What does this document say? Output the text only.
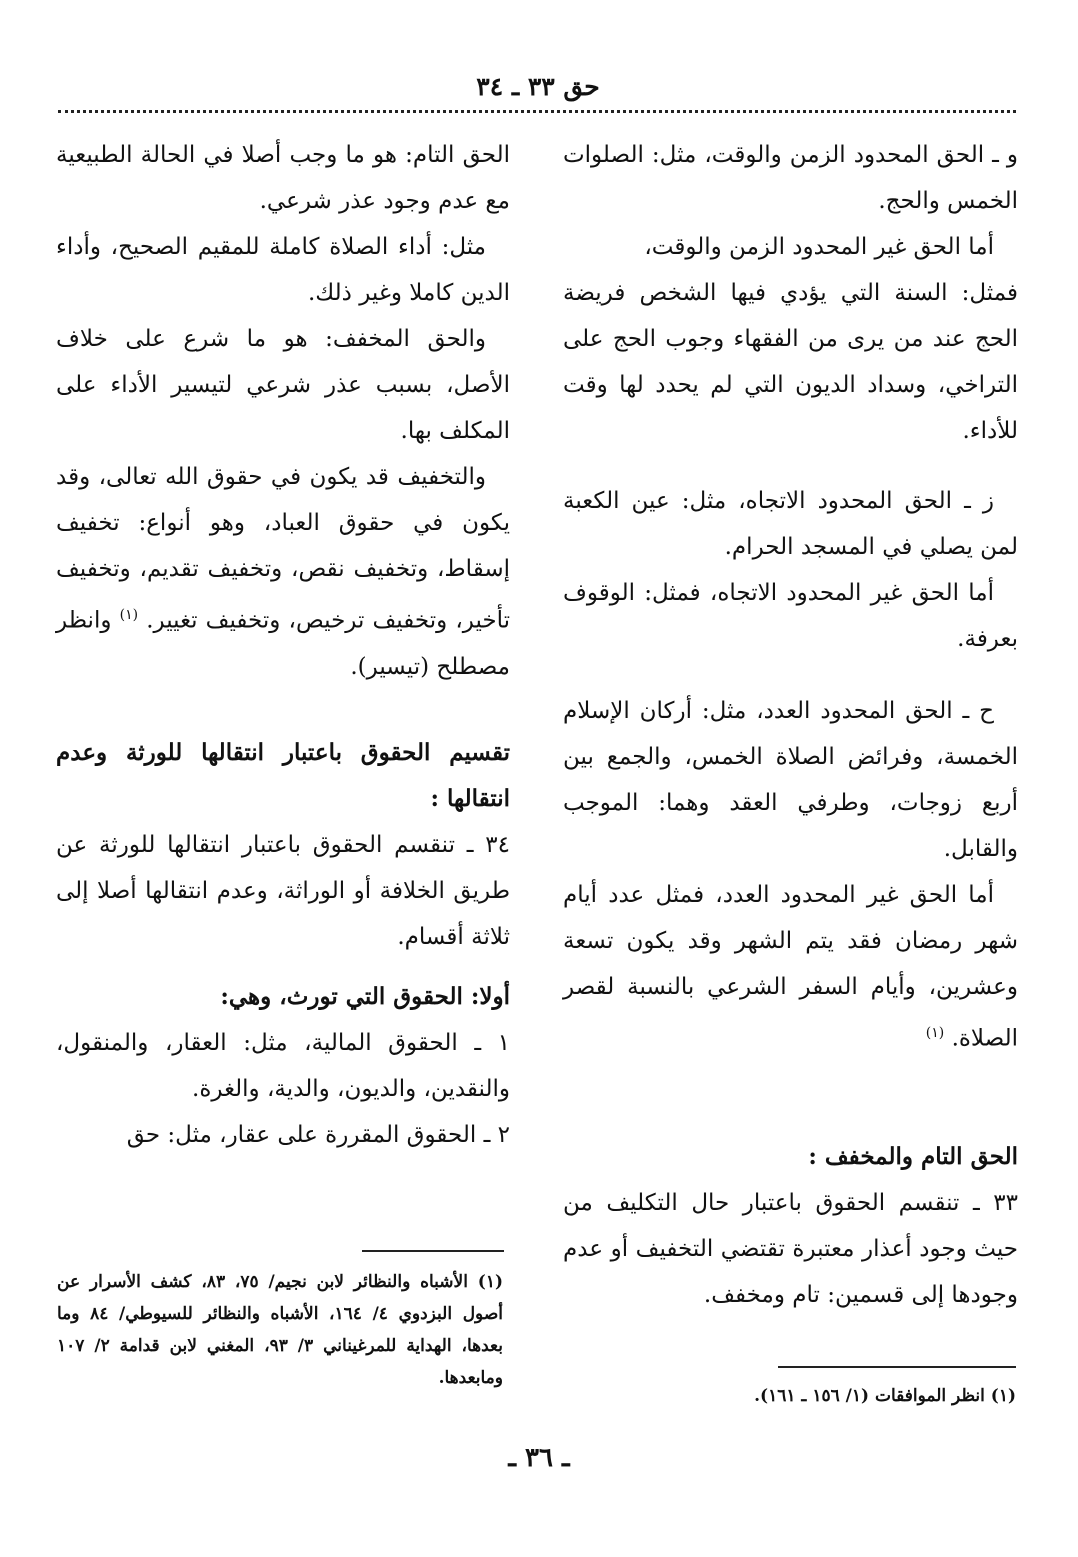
حق ٣٣ ـ ٣٤

و ـ الحق المحدود الزمن والوقت، مثل: الصلوات الخمس والحج.

أما الحق غير المحدود الزمن والوقت،

فمثل: السنة التي يؤدي فيها الشخص فريضة الحج عند من يرى من الفقهاء وجوب الحج على التراخي، وسداد الديون التي لم يحدد لها وقت للأداء.

ز ـ الحق المحدود الاتجاه، مثل: عين الكعبة لمن يصلي في المسجد الحرام.

أما الحق غير المحدود الاتجاه، فمثل: الوقوف بعرفة.

ح ـ الحق المحدود العدد، مثل: أركان الإسلام الخمسة، وفرائض الصلاة الخمس، والجمع بين أربع زوجات، وطرفي العقد وهما: الموجب والقابل.

أما الحق غير المحدود العدد، فمثل عدد أيام شهر رمضان فقد يتم الشهر وقد يكون تسعة وعشرين، وأيام السفر الشرعي بالنسبة لقصر الصلاة. $^{(١)}$

الحق التام والمخفف :

٣٣ ـ تنقسم الحقوق باعتبار حال التكليف من حيث وجود أعذار معتبرة تقتضي التخفيف أو عدم وجودها إلى قسمين: تام ومخفف.

الحق التام: هو ما وجب أصلا في الحالة الطبيعية مع عدم وجود عذر شرعي.

مثل: أداء الصلاة كاملة للمقيم الصحيح، وأداء الدين كاملا وغير ذلك.

والحق المخفف: هو ما شرع على خلاف الأصل، بسبب عذر شرعي لتيسير الأداء على المكلف بها.

والتخفيف قد يكون في حقوق الله تعالى، وقد يكون في حقوق العباد، وهو أنواع: تخفيف إسقاط، وتخفيف نقص، وتخفيف تقديم، وتخفيف تأخير، وتخفيف ترخيص، وتخفيف تغيير. $^{(١)}$ وانظر مصطلح (تيسير).

تقسيم الحقوق باعتبار انتقالها للورثة وعدم انتقالها :

٣٤ ـ تنقسم الحقوق باعتبار انتقالها للورثة عن طريق الخلافة أو الوراثة، وعدم انتقالها أصلا إلى ثلاثة أقسام.

أولا: الحقوق التي تورث، وهي:

١ ـ الحقوق المالية، مثل: العقار، والمنقول، والنقدين، والديون، والدية، والغرة.

٢ ـ الحقوق المقررة على عقار، مثل: حق

(١) الأشباه والنظائر لابن نجيم/ ٧٥، ٨٣، كشف الأسرار عن أصول البزدوي ٤/ ١٦٤، الأشباه والنظائر للسيوطي/ ٨٤ وما بعدها، الهداية للمرغيناني ٣/ ٩٣، المغني لابن قدامة ٢/ ١٠٧ ومابعدها.

(١) انظر الموافقات (١/ ١٥٦ ـ ١٦١).

ـ ٣٦ ـ
